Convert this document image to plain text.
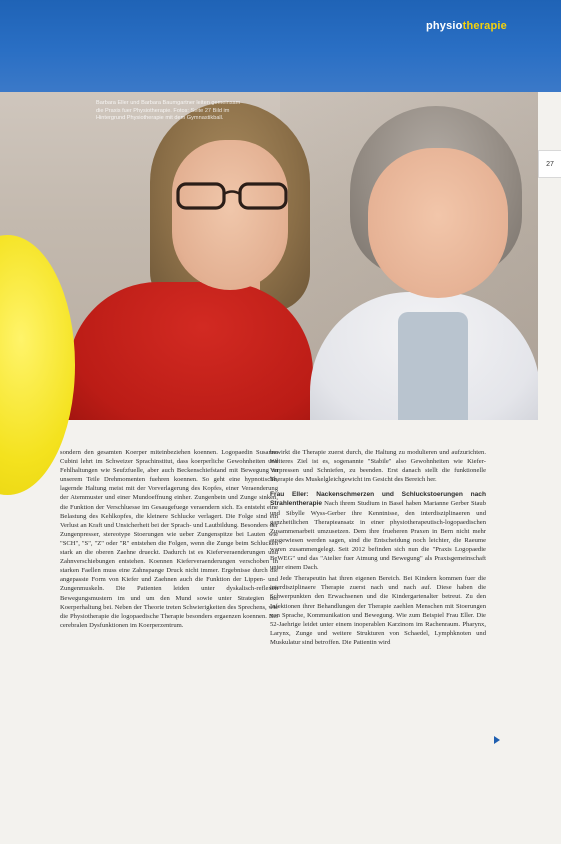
physiotherapie
27
Barbara Eller und Barbara Baumgartner leiten gemeinsam die Praxis fuer Physiotherapie. Fotos: Seite 27 Bild im Hintergrund Physiotherapie mit dem Gymnastikball.

sondern den gesamten Koerper miteinbeziehen koennen. Logopaedin Susanne Cubini lehrt im Schweizer Sprachinstitut, dass koerperliche Gewohnheiten und Fehlhaltungen wie Seufzfuelle, aber auch Beckenschiefstand mit Bewegung zu unserem Teile Drehmomenten fuehren koennen. So geht eine hypnotische, lagernde Haltung meist mit der Vorverlagerung des Kopfes, einer Veraenderung der Atemmuster und einer Mundoeffnung einher. Zungenbein und Zunge sinken, die Funktion der Verschluesse im Gesaugefuege veraendern sich. Es entsteht eine Belastung des Kehlkopfes, die kleinere Schlucke verlagert. Die Folge sind ein Verlust an Kraft und Unsicherheit bei der Sprach- und Lautbildung. Besonders der Zungenpresser, stereotype Stoerungen wie ueber Zungenspitze bei Lauten wie "SCH", "S", "Z" oder "R" entstehen die Folgen, wenn die Zunge beim Schlucken stark an die oberen Zaehne drueckt. Dadurch ist es Kieferveraenderungen und Zahnverschiebungen entstehen. Koennen Kieferveraenderungen verschoben in starken Faellen muss eine Zahnspange Druck nicht immer. Ergebnisse durch die angepasste Form von Kiefer und Zaehnen auch die Funktion der Lippen- und Zungenmuskeln. Die Patienten leiden unter dyskalisch-reflexen Bewegungsmustern im und um den Mund sowie unter Strategien bei Koerperhaltung bei. Neben der Theorie treten Schwierigkeiten des Sprechens, wie die Physiotherapie die logopaedische Therapie besonders ergaenzen koennen. Bei cerebralen Dysfunktionen im Koerperzentrum.

bewirkt die Therapie zuerst durch, die Haltung zu modulieren und aufzurichten. Weiteres Ziel ist es, sogenannte "Stabile" also Gewohnheiten wie Kiefer-Verpressen und Schniefen, zu beenden. Erst danach stellt die funktionelle Therapie des Muskelgleichgewicht im Gesicht des Bereich her.

Frau Eller: Nackenschmerzen und Schluckstoerungen nach Strahlentherapie Nach ihrem Studium in Basel haben Marianne Gerber Staub und Sibylle Wyss-Gerber ihre Kenntnisse, den interdisziplinaeren und ganzheitlichen Therapieansatz in einer physiotherapeutisch-logopaedischen Zusammenarbeit umzusetzen. Dem ihre frueheren Praxen in Bern nicht mehr ausgewiesen werden sagen, sind die Entscheidung noch leichter, die Raeume waren zusammengelegt. Seit 2012 befinden sich nun die "Praxis Logopaedie BeWEG" und das "Atelier fuer Atmung und Bewegung" als Praxisgemeinschaft unter einem Dach.

Jede Therapeutin hat ihren eigenen Bereich. Bei Kindern kommen fuer die interdisziplinaere Therapie zuerst nach und nach auf. Diese haben die Schwerpunkten den Erwachsenen und die Kindergartenalter betreut. Zu den Infektionen ihrer Behandlungen der Therapie zaehlen Menschen mit Stoerungen von Sprache, Kommunikation und Bewegung. Wie zum Beispiel Frau Eller. Die 52-Jaehrige leidet unter einem inoperablen Karzinom im Rachenraum. Pharynx, Larynx, Zunge und weitere Strukturen von Schaedel, Lymphknoten und Muskulatur sind betroffen. Die Patientin wird
